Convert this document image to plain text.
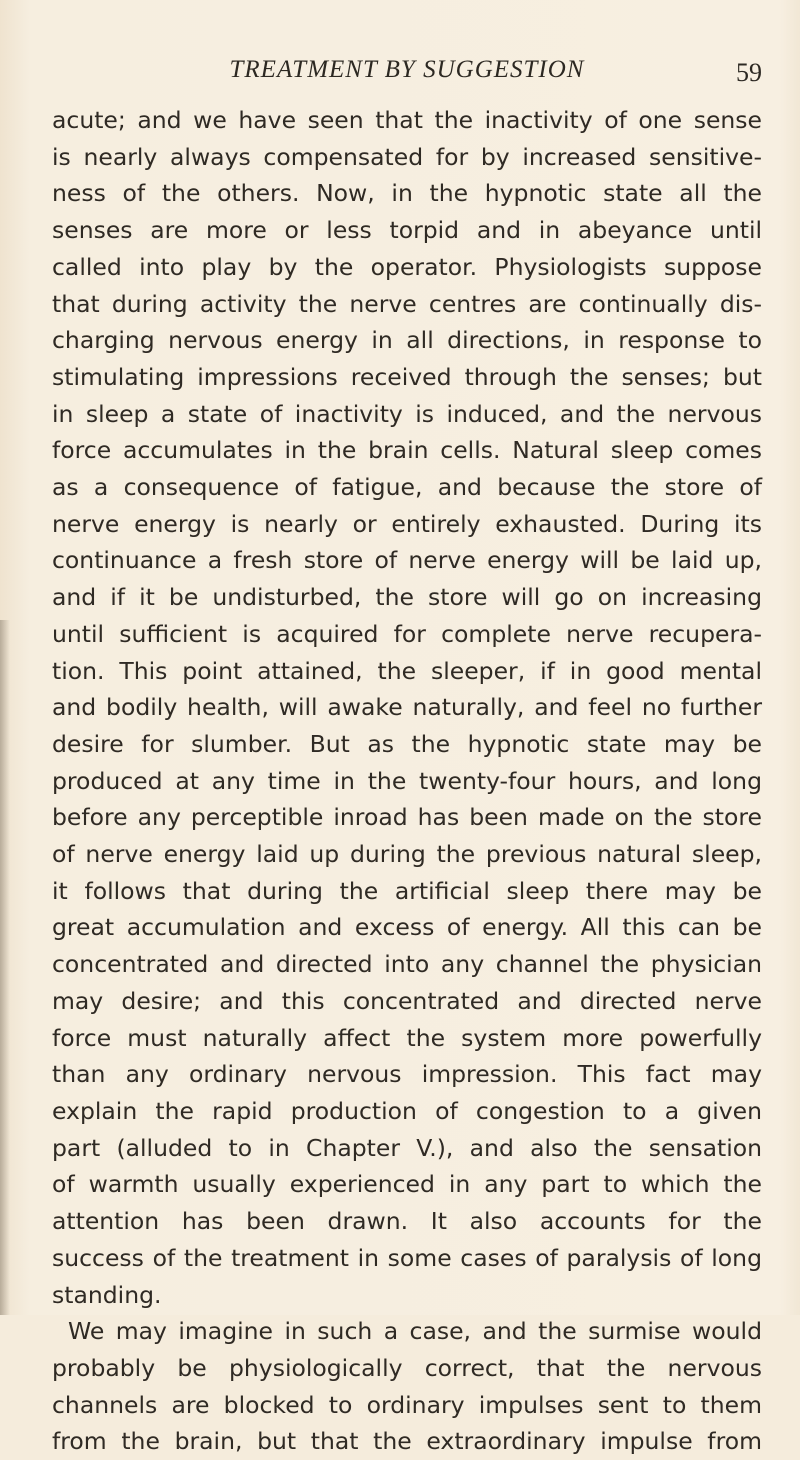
TREATMENT BY SUGGESTION	59
acute; and we have seen that the inactivity of one sense
is nearly always compensated for by increased sensitive-
ness of the others. Now, in the hypnotic state all the
senses are more or less torpid and in abeyance until
called into play by the operator. Physiologists suppose
that during activity the nerve centres are continually dis-
charging nervous energy in all directions, in response to
stimulating impressions received through the senses; but
in sleep a state of inactivity is induced, and the nervous
force accumulates in the brain cells. Natural sleep comes
as a consequence of fatigue, and because the store of
nerve energy is nearly or entirely exhausted. During its
continuance a fresh store of nerve energy will be laid up,
and if it be undisturbed, the store will go on increasing
until sufficient is acquired for complete nerve recupera-
tion. This point attained, the sleeper, if in good mental
and bodily health, will awake naturally, and feel no further
desire for slumber. But as the hypnotic state may be
produced at any time in the twenty-four hours, and long
before any perceptible inroad has been made on the store
of nerve energy laid up during the previous natural sleep,
it follows that during the artificial sleep there may be
great accumulation and excess of energy. All this can be
concentrated and directed into any channel the physician
may desire; and this concentrated and directed nerve
force must naturally affect the system more powerfully
than any ordinary nervous impression. This fact may
explain the rapid production of congestion to a given
part (alluded to in Chapter V.), and also the sensation
of warmth usually experienced in any part to which the
attention has been drawn. It also accounts for the
success of the treatment in some cases of paralysis of long
standing.
We may imagine in such a case, and the surmise would
probably be physiologically correct, that the nervous
channels are blocked to ordinary impulses sent to them
from the brain, but that the extraordinary impulse from
